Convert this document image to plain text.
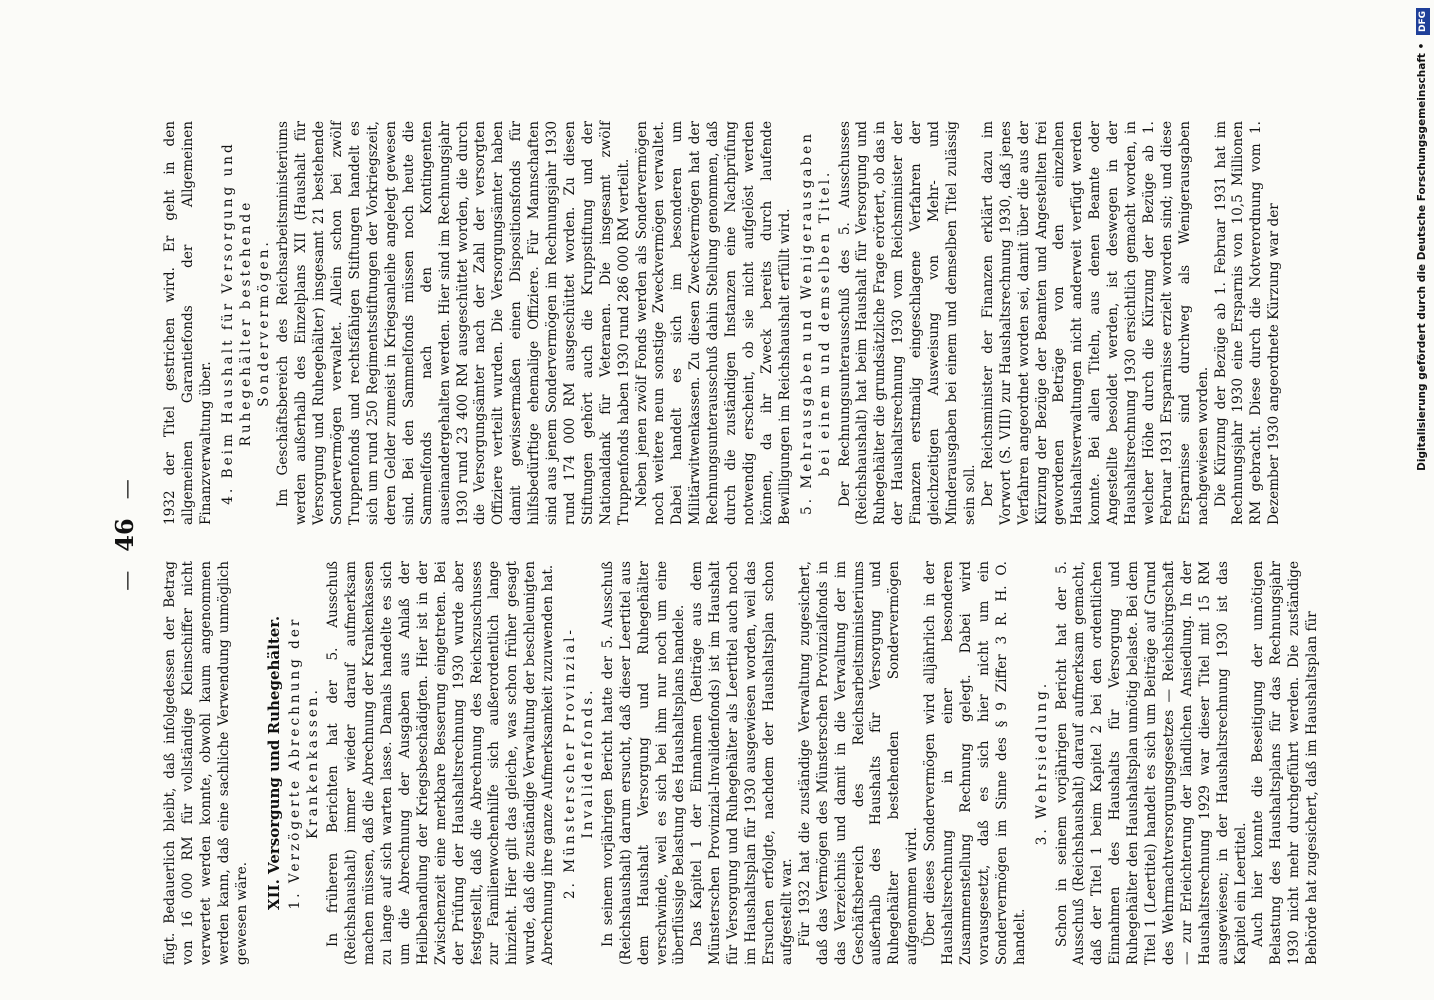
— 46 —

fügt. Bedauerlich bleibt, daß infolgedessen der Betrag von 16 000 RM für vollständige Kleinschiffer nicht verwertet werden konnte, obwohl kaum angenommen werden kann, daß eine sachliche Verwendung unmöglich gewesen wäre.

XII. Versorgung und Ruhegehälter. 1. Verzögerte Abrechnung der Krankenkassen. In früheren Berichten hat der 5. Ausschuß (Reichshaushalt) immer wieder darauf aufmerksam machen müssen, daß die Abrechnung der Krankenkassen zu lange auf sich warten lasse. Damals handelte es sich um die Abrechnung der Ausgaben aus Anlaß der Heilbehandlung der Kriegsbeschädigten. Hier ist in der Zwischenzeit eine merkbare Besserung eingetreten. Bei der Prüfung der Haushaltsrechnung 1930 wurde aber festgestellt, daß die Abrechnung des Reichszuschusses zur Familienwochenhilfe sich außerordentlich lange hinzieht. Hier gilt das gleiche, was schon früher gesagt wurde, daß die zuständige Verwaltung der beschleunigten Abrechnung ihre ganze Aufmerksamkeit zuzuwenden hat. 2. Münsterscher Provinzial-Invalidenfonds. In seinem vorjährigen Bericht hatte der 5. Ausschuß (Reichshaushalt) darum ersucht, daß dieser Leertitel aus dem Haushalt Versorgung und Ruhegehälter verschwinde, weil es sich bei ihm nur noch um eine überflüssige Belastung des Haushaltsplans handele. Das Kapitel 1 der Einnahmen (Beiträge aus dem Münsterschen Provinzial-Invalidenfonds) ist im Haushalt für Versorgung und Ruhegehälter als Leertitel auch noch im Haushaltsplan für 1930 ausgewiesen worden, weil das Ersuchen erfolgte, nachdem der Haushaltsplan schon aufgestellt war. Für 1932 hat die zuständige Verwaltung zugesichert, daß das Vermögen des Münsterschen Provinzialfonds in das Verzeichnis und damit in die Verwaltung der im Geschäftsbereich des Reichsarbeitsministeriums außerhalb des Haushalts für Versorgung und Ruhegehälter bestehenden Sondervermögen aufgenommen wird. Über dieses Sondervermögen wird alljährlich in der Haushaltsrechnung in einer besonderen Zusammenstellung Rechnung gelegt. Dabei wird vorausgesetzt, daß es sich hier nicht um ein Sondervermögen im Sinne des § 9 Ziffer 3 R. H. O. handelt.

3. Wehrsiedlung. Schon in seinem vorjährigen Bericht hat der 5. Ausschuß (Reichshaushalt) darauf aufmerksam gemacht, daß der Titel 1 beim Kapitel 2 bei den ordentlichen Einnahmen des Haushalts für Versorgung und Ruhegehälter den Haushaltsplan unnötig belaste. Bei dem Titel 1 (Leertitel) handelt es sich um Beiträge auf Grund des Wehrmachtversorgungsgesetzes — Reichsbürgschaft — zur Erleichterung der ländlichen Ansiedlung. In der Haushaltsrechnung 1929 war dieser Titel mit 15 RM ausgewiesen; in der Haushaltsrechnung 1930 ist das Kapitel ein Leertitel. Auch hier konnte die Beseitigung der unnötigen Belastung des Haushaltsplans für das Rechnungsjahr 1930 nicht mehr durchgeführt werden. Die zuständige Behörde hat zugesichert, daß im Haushaltsplan für

1932 der Titel gestrichen wird. Er geht in den allgemeinen Garantiefonds der Allgemeinen Finanzverwaltung über. 4. Beim Haushalt für Versorgung und Ruhegehälter bestehende Sondervermögen. Im Geschäftsbereich des Reichsarbeitsministeriums werden außerhalb des Einzelplans XII (Haushalt für Versorgung und Ruhegehälter) insgesamt 21 bestehende Sondervermögen verwaltet. Allein schon bei zwölf Truppenfonds und rechtsfähigen Stiftungen handelt es sich um rund 250 Regimentsstiftungen der Vorkriegszeit, deren Gelder zumeist in Kriegsanleihe angelegt gewesen sind. Bei den Sammelfonds müssen noch heute die Sammelfonds nach den Kontingenten auseinandergehalten werden. Hier sind im Rechnungsjahr 1930 rund 23 400 RM ausgeschüttet worden, die durch die Versorgungsämter nach der Zahl der versorgten Offiziere verteilt wurden. Die Versorgungsämter haben damit gewissermaßen einen Dispositionsfonds für hilfsbedürftige ehemalige Offiziere. Für Mannschaften sind aus jenem Sondervermögen im Rechnungsjahr 1930 rund 174 000 RM ausgeschüttet worden. Zu diesen Stiftungen gehört auch die Kruppstiftung und der Nationaldank für Veteranen. Die insgesamt zwölf Truppenfonds haben 1930 rund 286 000 RM verteilt. Neben jenen zwölf Fonds werden als Sondervermögen noch weitere neun sonstige Zweckvermögen verwaltet. Dabei handelt es sich im besonderen um Militärwitwenkassen. Zu diesen Zweckvermögen hat der Rechnungsunterausschuß dahin Stellung genommen, daß durch die zuständigen Instanzen eine Nachprüfung notwendig erscheint, ob sie nicht aufgelöst werden können, da ihr Zweck bereits durch laufende Bewilligungen im Reichshaushalt erfüllt wird. 5. Mehrausgaben und Wenigerausgaben bei einem und demselben Titel. Der Rechnungsunterausschuß des 5. Ausschusses (Reichshaushalt) hat beim Haushalt für Versorgung und Ruhegehälter die grundsätzliche Frage erörtert, ob das in der Haushaltsrechnung 1930 vom Reichsminister der Finanzen erstmalig eingeschlagene Verfahren der gleichzeitigen Ausweisung von Mehr- und Minderausgaben bei einem und demselben Titel zulässig sein soll. Der Reichsminister der Finanzen erklärt dazu im Vorwort (S. VIII) zur Haushaltsrechnung 1930, daß jenes Verfahren angeordnet worden sei, damit über die aus der Kürzung der Bezüge der Beamten und Angestellten frei gewordenen Beträge von den einzelnen Haushaltsverwaltungen nicht anderweit verfügt werden konnte. Bei allen Titeln, aus denen Beamte oder Angestellte besoldet werden, ist deswegen in der Haushaltsrechnung 1930 ersichtlich gemacht worden, in welcher Höhe durch die Kürzung der Bezüge ab 1. Februar 1931 Ersparnisse erzielt worden sind; und diese Ersparnisse sind durchweg als Wenigerausgaben nachgewiesen worden. Die Kürzung der Bezüge ab 1. Februar 1931 hat im Rechnungsjahr 1930 eine Ersparnis von 10,5 Millionen RM gebracht. Diese durch die Notverordnung vom 1. Dezember 1930 angeordnete Kürzung war der	Digitalisierung gefördert durch die Deutsche Forschungsgemeinschaft • DFG
